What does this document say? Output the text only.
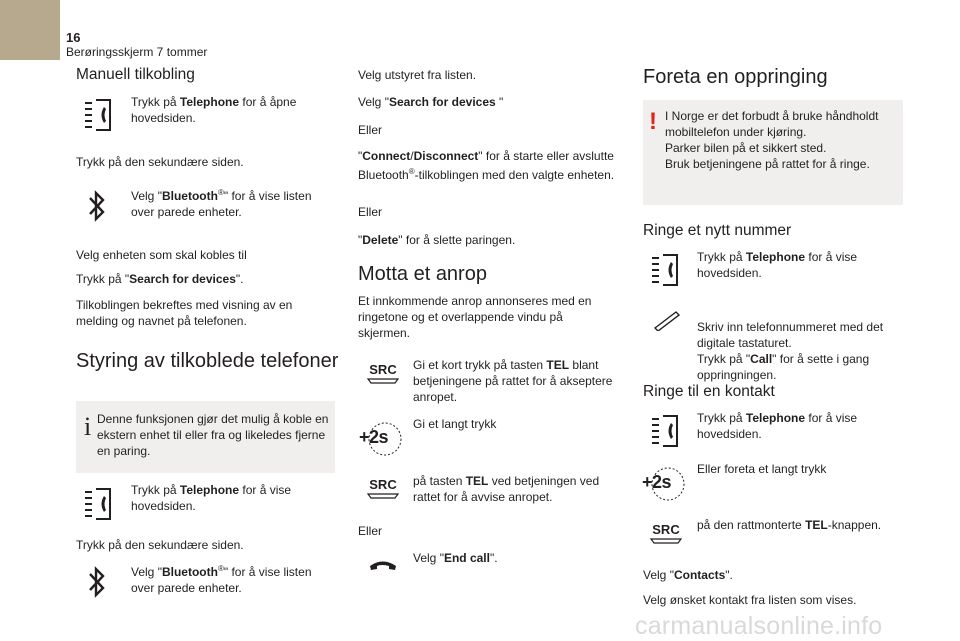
16
Berøringsskjerm 7 tommer
Manuell tilkobling
Trykk på Telephone for å åpne hovedsiden.
Trykk på den sekundære siden.
Velg "Bluetooth®" for å vise listen over parede enheter.
Velg enheten som skal kobles til
Trykk på "Search for devices".
Tilkoblingen bekreftes med visning av en melding og navnet på telefonen.
Styring av tilkoblede telefoner
i Denne funksjonen gjør det mulig å koble en ekstern enhet til eller fra og likeledes fjerne en paring.
Trykk på Telephone for å vise hovedsiden.
Trykk på den sekundære siden.
Velg "Bluetooth®" for å vise listen over parede enheter.
Velg utstyret fra listen.
Velg "Search for devices "
Eller
"Connect/Disconnect" for å starte eller avslutte Bluetooth®-tilkoblingen med den valgte enheten.
Eller
"Delete" for å slette paringen.
Motta et anrop
Et innkommende anrop annonseres med en ringetone og et overlappende vindu på skjermen.
SRC	Gi et kort trykk på tasten TEL blant betjeningene på rattet for å akseptere anropet.
+2s
Gi et langt trykk
SRC	på tasten TEL ved betjeningen ved rattet for å avvise anropet.
Eller
Velg "End call".
Foreta en oppringing
! I Norge er det forbudt å bruke håndholdt mobiltelefon under kjøring.
Parker bilen på et sikkert sted.
Bruk betjeningene på rattet for å ringe.
Ringe et nytt nummer
Trykk på Telephone for å vise hovedsiden.

Skriv inn telefonnummeret med det digitale tastaturet.
Trykk på "Call" for å sette i gang oppringningen.

Ringe til en kontakt
Trykk på Telephone for å vise hovedsiden.
+2s
Eller foreta et langt trykk
SRC	på den rattmonterte TEL-knappen.
Velg "Contacts".
Velg ønsket kontakt fra listen som vises.
carmanualsonline.info
